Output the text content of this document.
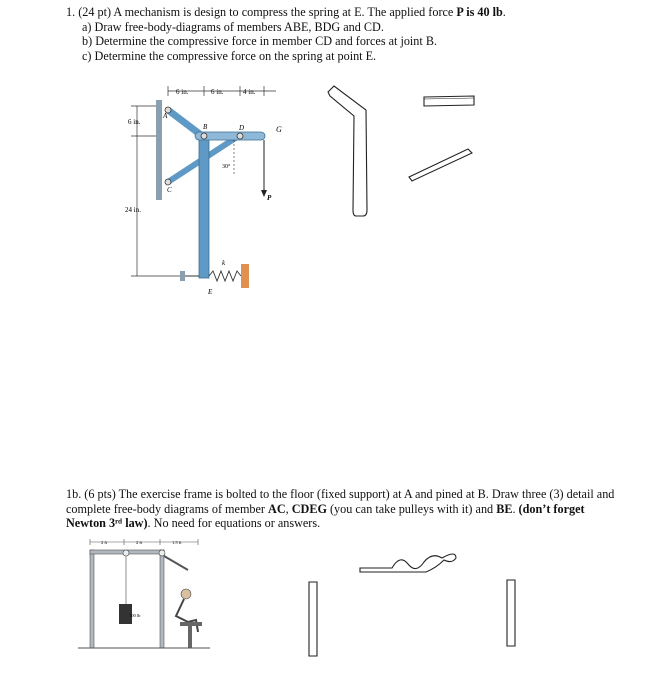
1. (24 pt) A mechanism is design to compress the spring at E. The applied force P is 40 lb.
a) Draw free-body-diagrams of members ABE, BDG and CD.
b) Determine the compressive force in member CD and forces at joint B.
c) Determine the compressive force on the spring at point E.
6 in.	6 in.	4 in.
6 in.
24 in.
A
B
C
D
E
G
P
k
30°
1b. (6 pts) The exercise frame is bolted to the floor (fixed support) at A and pined at B. Draw three (3) detail and complete free-body diagrams of member AC, CDEG (you can take pulleys with it) and BE. (don’t forget Newton 3ʳᵈ law). No need for equations or answers.
2 ft	2 ft	1.5 ft
100 lb
